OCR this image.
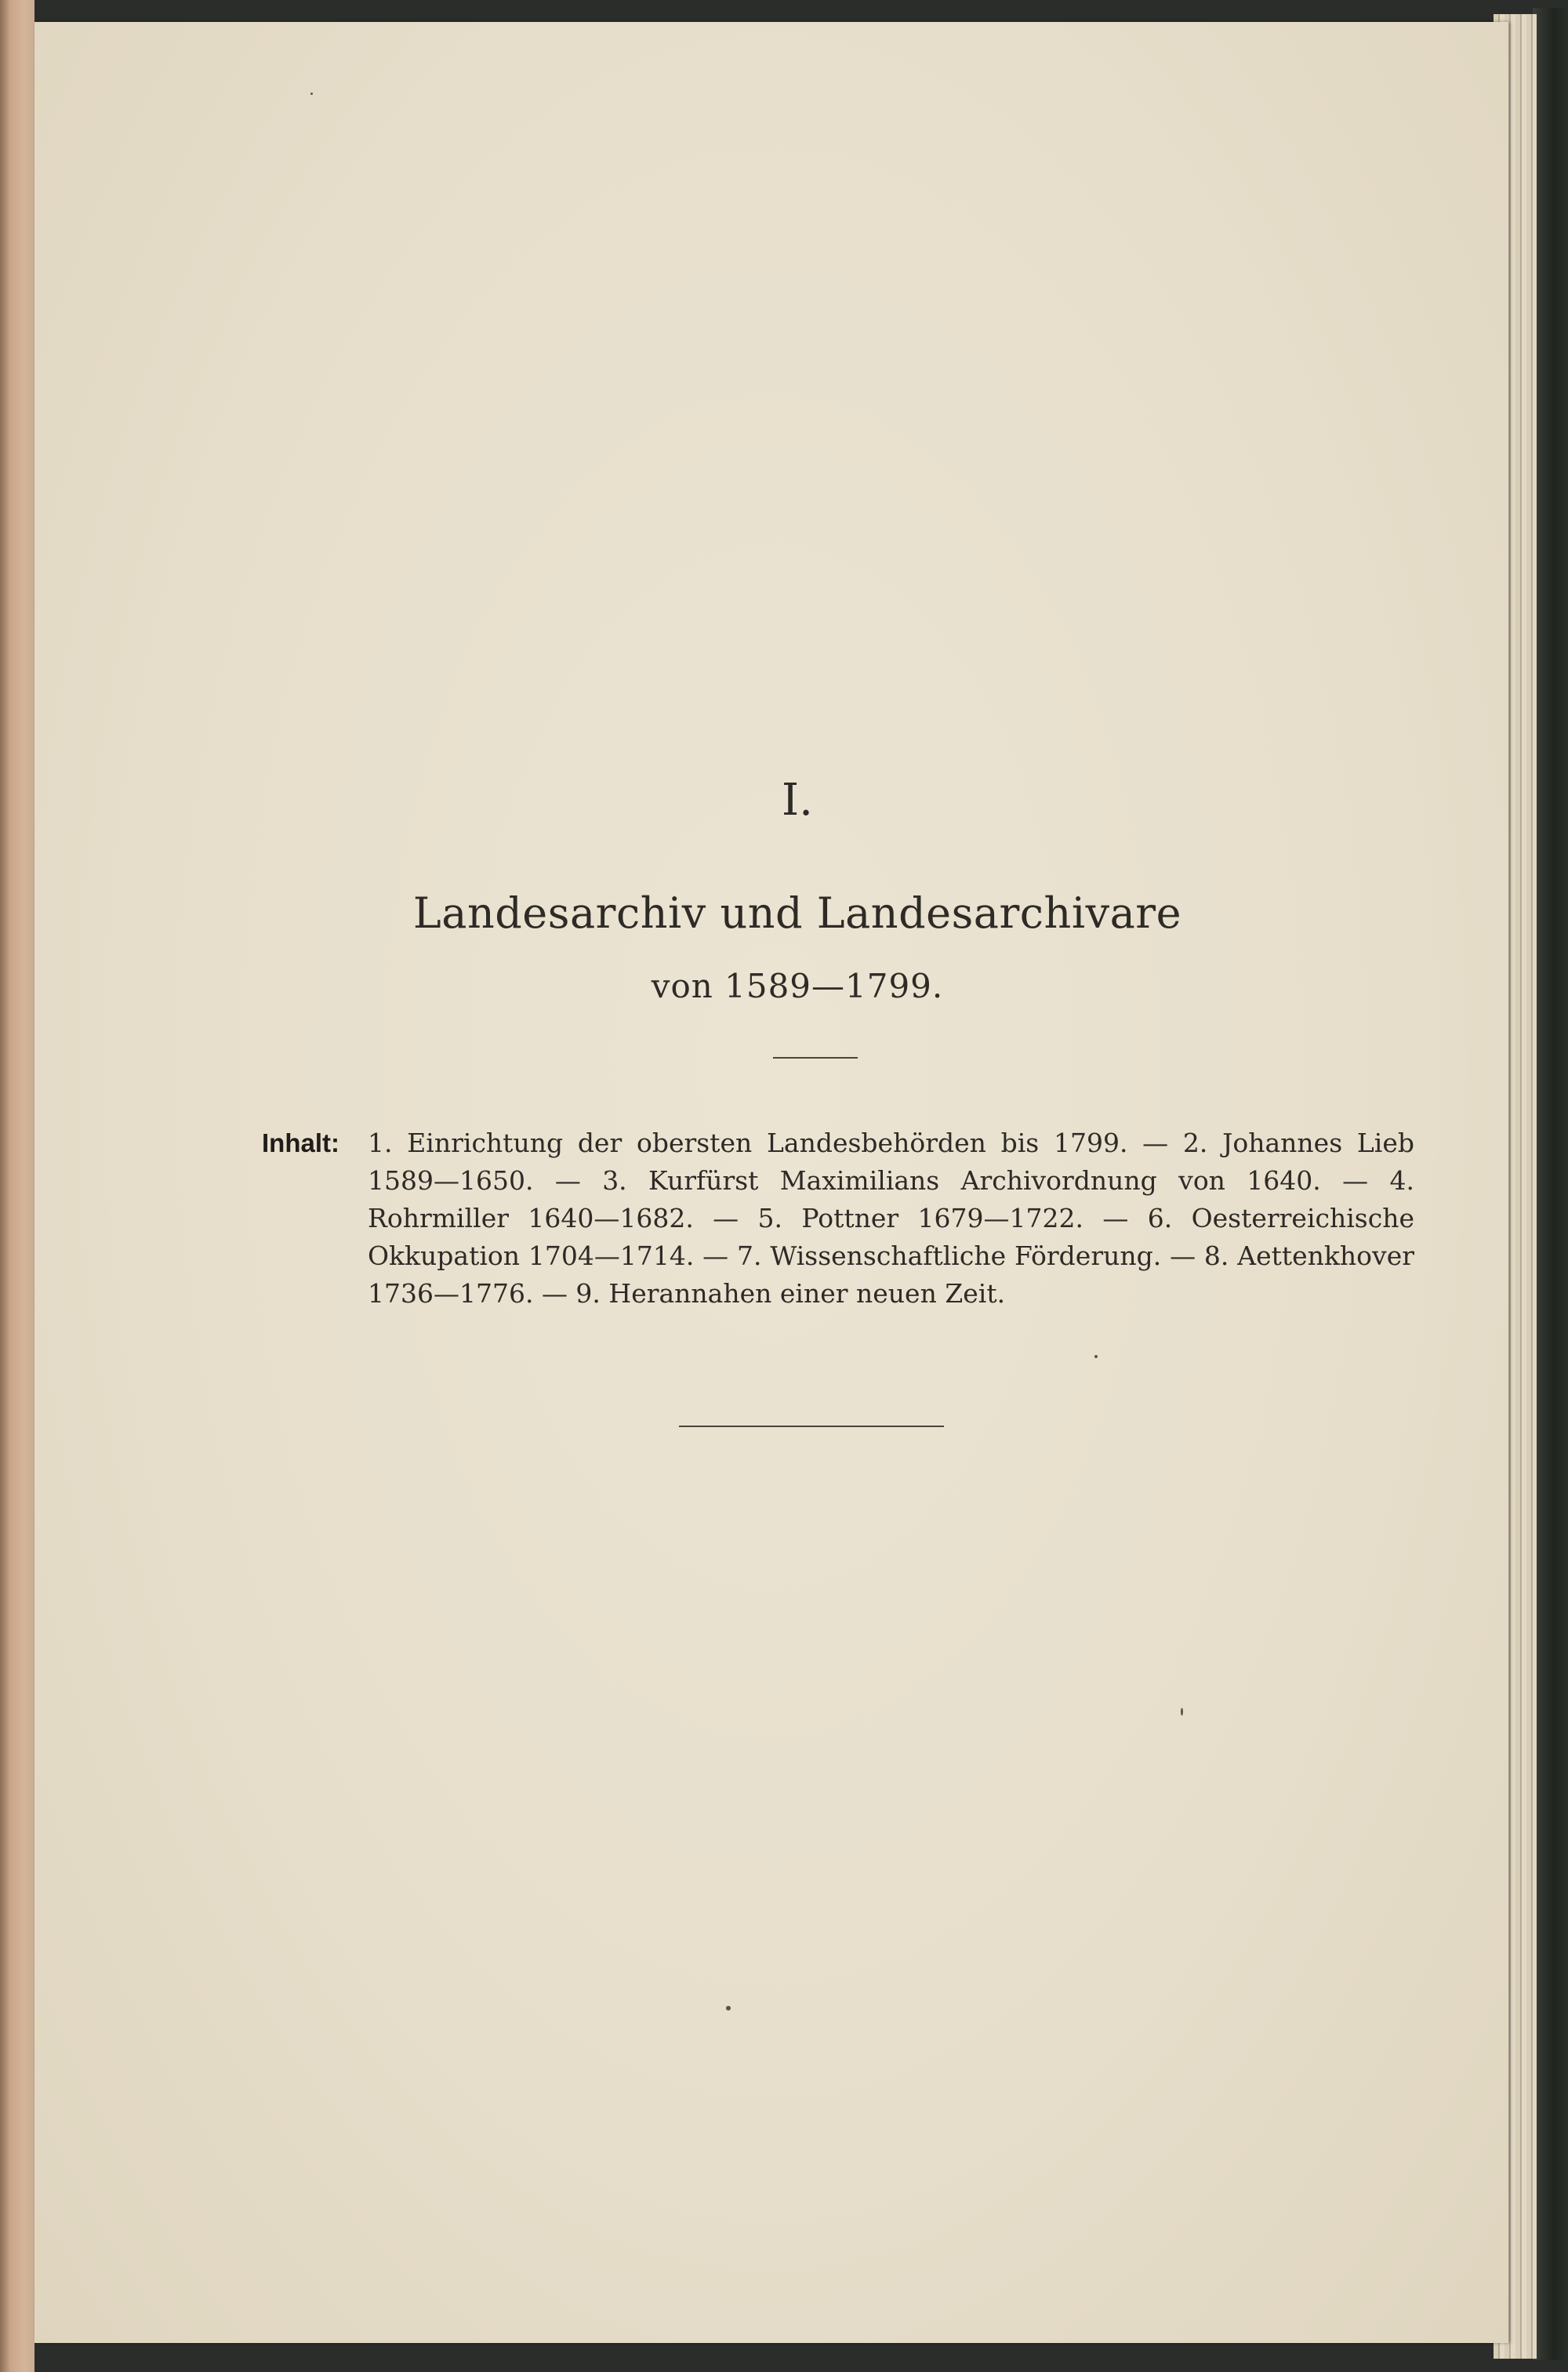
I.
Landesarchiv und Landesarchivare
von 1589—1799.
Inhalt: 1. Einrichtung der obersten Landesbehörden bis 1799. — 2. Johannes Lieb 1589—1650. — 3. Kurfürst Maximilians Archivordnung von 1640. — 4. Rohrmiller 1640—1682. — 5. Pottner 1679—1722. — 6. Oesterreichische Okkupation 1704—1714. — 7. Wissenschaftliche Förderung. — 8. Aettenkhover 1736—1776. — 9. Herannahen einer neuen Zeit.
